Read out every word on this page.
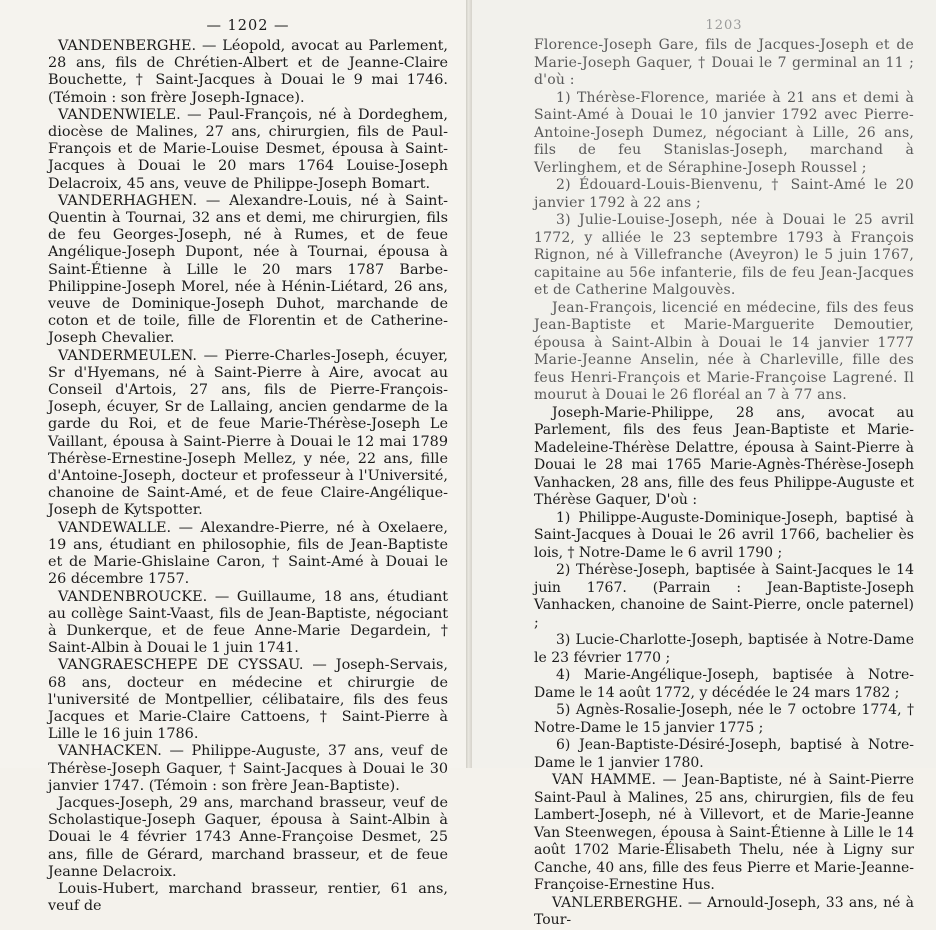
— 1202 —

VANDENBERGHE. — Léopold, avocat au Parlement, 28 ans, fils de Chrétien-Albert et de Jeanne-Claire Bouchette, † Saint-Jacques à Douai le 9 mai 1746. (Témoin : son frère Joseph-Ignace).

VANDENWIELE. — Paul-François, né à Dordeghem, diocèse de Malines, 27 ans, chirurgien, fils de Paul-François et de Marie-Louise Desmet, épousa à Saint-Jacques à Douai le 20 mars 1764 Louise-Joseph Delacroix, 45 ans, veuve de Philippe-Joseph Bomart.

VANDERHAGHEN. — Alexandre-Louis, né à Saint-Quentin à Tournai, 32 ans et demi, me chirurgien, fils de feu Georges-Joseph, né à Rumes, et de feue Angélique-Joseph Dupont, née à Tournai, épousa à Saint-Étienne à Lille le 20 mars 1787 Barbe-Philippine-Joseph Morel, née à Hénin-Liétard, 26 ans, veuve de Dominique-Joseph Duhot, marchande de coton et de toile, fille de Florentin et de Catherine-Joseph Chevalier.

VANDERMEULEN. — Pierre-Charles-Joseph, écuyer, Sr d'Hyemans, né à Saint-Pierre à Aire, avocat au Conseil d'Artois, 27 ans, fils de Pierre-François-Joseph, écuyer, Sr de Lallaing, ancien gendarme de la garde du Roi, et de feue Marie-Thérèse-Joseph Le Vaillant, épousa à Saint-Pierre à Douai le 12 mai 1789 Thérèse-Ernestine-Joseph Mellez, y née, 22 ans, fille d'Antoine-Joseph, docteur et professeur à l'Université, chanoine de Saint-Amé, et de feue Claire-Angélique-Joseph de Kytspotter.

VANDEWALLE. — Alexandre-Pierre, né à Oxelaere, 19 ans, étudiant en philosophie, fils de Jean-Baptiste et de Marie-Ghislaine Caron, † Saint-Amé à Douai le 26 décembre 1757.

VANDENBROUCKE. — Guillaume, 18 ans, étudiant au collège Saint-Vaast, fils de Jean-Baptiste, négociant à Dunkerque, et de feue Anne-Marie Degardein, † Saint-Albin à Douai le 1 juin 1741.

VANGRAESCHEPE DE CYSSAU. — Joseph-Servais, 68 ans, docteur en médecine et chirurgie de l'université de Montpellier, célibataire, fils des feus Jacques et Marie-Claire Cattoens, † Saint-Pierre à Lille le 16 juin 1786.

VANHACKEN. — Philippe-Auguste, 37 ans, veuf de Thérèse-Joseph Gaquer, † Saint-Jacques à Douai le 30 janvier 1747. (Témoin : son frère Jean-Baptiste).

Jacques-Joseph, 29 ans, marchand brasseur, veuf de Scholastique-Joseph Gaquer, épousa à Saint-Albin à Douai le 4 février 1743 Anne-Françoise Desmet, 25 ans, fille de Gérard, marchand brasseur, et de feue Jeanne Delacroix.

Louis-Hubert, marchand brasseur, rentier, 61 ans, veuf de

1203

Florence-Joseph Gare, fils de Jacques-Joseph et de Marie-Joseph Gaquer, † Douai le 7 germinal an 11 ; d'où :

1) Thérèse-Florence, mariée à 21 ans et demi à Saint-Amé à Douai le 10 janvier 1792 avec Pierre-Antoine-Joseph Dumez, négociant à Lille, 26 ans, fils de feu Stanislas-Joseph, marchand à Verlinghem, et de Séraphine-Joseph Roussel ;

2) Édouard-Louis-Bienvenu, † Saint-Amé le 20 janvier 1792 à 22 ans ;

3) Julie-Louise-Joseph, née à Douai le 25 avril 1772, y alliée le 23 septembre 1793 à François Rignon, né à Villefranche (Aveyron) le 5 juin 1767, capitaine au 56e infanterie, fils de feu Jean-Jacques et de Catherine Malgouvès.

Jean-François, licencié en médecine, fils des feus Jean-Baptiste et Marie-Marguerite Demoutier, épousa à Saint-Albin à Douai le 14 janvier 1777 Marie-Jeanne Anselin, née à Charleville, fille des feus Henri-François et Marie-Françoise Lagrené. Il mourut à Douai le 26 floréal an 7 à 77 ans.

Joseph-Marie-Philippe, 28 ans, avocat au Parlement, fils des feus Jean-Baptiste et Marie-Madeleine-Thérèse Delattre, épousa à Saint-Pierre à Douai le 28 mai 1765 Marie-Agnès-Thérèse-Joseph Vanhacken, 28 ans, fille des feus Philippe-Auguste et Thérèse Gaquer, D'où :

1) Philippe-Auguste-Dominique-Joseph, baptisé à Saint-Jacques à Douai le 26 avril 1766, bachelier ès lois, † Notre-Dame le 6 avril 1790 ;

2) Thérèse-Joseph, baptisée à Saint-Jacques le 14 juin 1767. (Parrain : Jean-Baptiste-Joseph Vanhacken, chanoine de Saint-Pierre, oncle paternel) ;

3) Lucie-Charlotte-Joseph, baptisée à Notre-Dame le 23 février 1770 ;

4) Marie-Angélique-Joseph, baptisée à Notre-Dame le 14 août 1772, y décédée le 24 mars 1782 ;

5) Agnès-Rosalie-Joseph, née le 7 octobre 1774, † Notre-Dame le 15 janvier 1775 ;

6) Jean-Baptiste-Désiré-Joseph, baptisé à Notre-Dame le 1 janvier 1780.

VAN HAMME. — Jean-Baptiste, né à Saint-Pierre Saint-Paul à Malines, 25 ans, chirurgien, fils de feu Lambert-Joseph, né à Villevort, et de Marie-Jeanne Van Steenwegen, épousa à Saint-Étienne à Lille le 14 août 1702 Marie-Élisabeth Thelu, née à Ligny sur Canche, 40 ans, fille des feus Pierre et Marie-Jeanne-Françoise-Ernestine Hus.

VANLERBERGHE. — Arnould-Joseph, 33 ans, né à Tour-
